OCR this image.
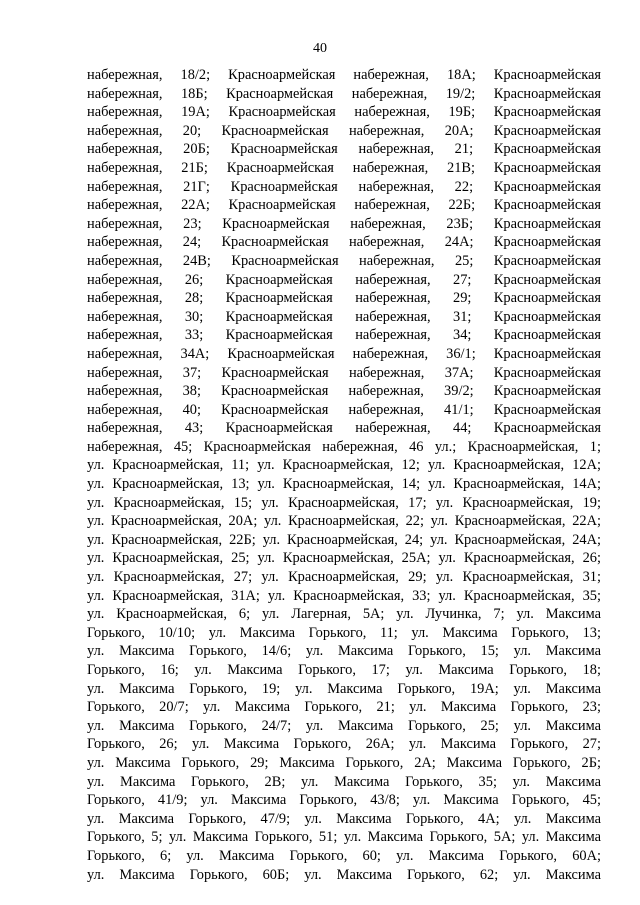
40
набережная, 18/2; Красноармейская набережная, 18А; Красноармейская
набережная, 18Б; Красноармейская набережная, 19/2; Красноармейская
набережная, 19А; Красноармейская набережная, 19Б; Красноармейская
набережная, 20; Красноармейская набережная, 20А; Красноармейская
набережная, 20Б; Красноармейская набережная, 21; Красноармейская
набережная, 21Б; Красноармейская набережная, 21В; Красноармейская
набережная, 21Г; Красноармейская набережная, 22; Красноармейская
набережная, 22А; Красноармейская набережная, 22Б; Красноармейская
набережная, 23; Красноармейская набережная, 23Б; Красноармейская
набережная, 24; Красноармейская набережная, 24А; Красноармейская
набережная, 24В; Красноармейская набережная, 25; Красноармейская
набережная, 26; Красноармейская набережная, 27; Красноармейская
набережная, 28; Красноармейская набережная, 29; Красноармейская
набережная, 30; Красноармейская набережная, 31; Красноармейская
набережная, 33; Красноармейская набережная, 34; Красноармейская
набережная, 34А; Красноармейская набережная, 36/1; Красноармейская
набережная, 37; Красноармейская набережная, 37А; Красноармейская
набережная, 38; Красноармейская набережная, 39/2; Красноармейская
набережная, 40; Красноармейская набережная, 41/1; Красноармейская
набережная, 43; Красноармейская набережная, 44; Красноармейская
набережная, 45; Красноармейская набережная, 46 ул.; Красноармейская, 1;
ул. Красноармейская, 11; ул. Красноармейская, 12; ул. Красноармейская, 12А;
ул. Красноармейская, 13; ул. Красноармейская, 14; ул. Красноармейская, 14А;
ул. Красноармейская, 15; ул. Красноармейская, 17; ул. Красноармейская, 19;
ул. Красноармейская, 20А; ул. Красноармейская, 22; ул. Красноармейская, 22А;
ул. Красноармейская, 22Б; ул. Красноармейская, 24; ул. Красноармейская, 24А;
ул. Красноармейская, 25; ул. Красноармейская, 25А; ул. Красноармейская, 26;
ул. Красноармейская, 27; ул. Красноармейская, 29; ул. Красноармейская, 31;
ул. Красноармейская, 31А; ул. Красноармейская, 33; ул. Красноармейская, 35;
ул. Красноармейская, 6; ул. Лагерная, 5А; ул. Лучинка, 7; ул. Максима
Горького, 10/10; ул. Максима Горького, 11; ул. Максима Горького, 13;
ул. Максима Горького, 14/6; ул. Максима Горького, 15; ул. Максима
Горького, 16; ул. Максима Горького, 17; ул. Максима Горького, 18;
ул. Максима Горького, 19; ул. Максима Горького, 19А; ул. Максима
Горького, 20/7; ул. Максима Горького, 21; ул. Максима Горького, 23;
ул. Максима Горького, 24/7; ул. Максима Горького, 25; ул. Максима
Горького, 26; ул. Максима Горького, 26А; ул. Максима Горького, 27;
ул. Максима Горького, 29; Максима Горького, 2А; Максима Горького, 2Б;
ул. Максима Горького, 2В; ул. Максима Горького, 35; ул. Максима
Горького, 41/9; ул. Максима Горького, 43/8; ул. Максима Горького, 45;
ул. Максима Горького, 47/9; ул. Максима Горького, 4А; ул. Максима
Горького, 5; ул. Максима Горького, 51; ул. Максима Горького, 5А; ул. Максима
Горького, 6; ул. Максима Горького, 60; ул. Максима Горького, 60А;
ул. Максима Горького, 60Б; ул. Максима Горького, 62; ул. Максима
